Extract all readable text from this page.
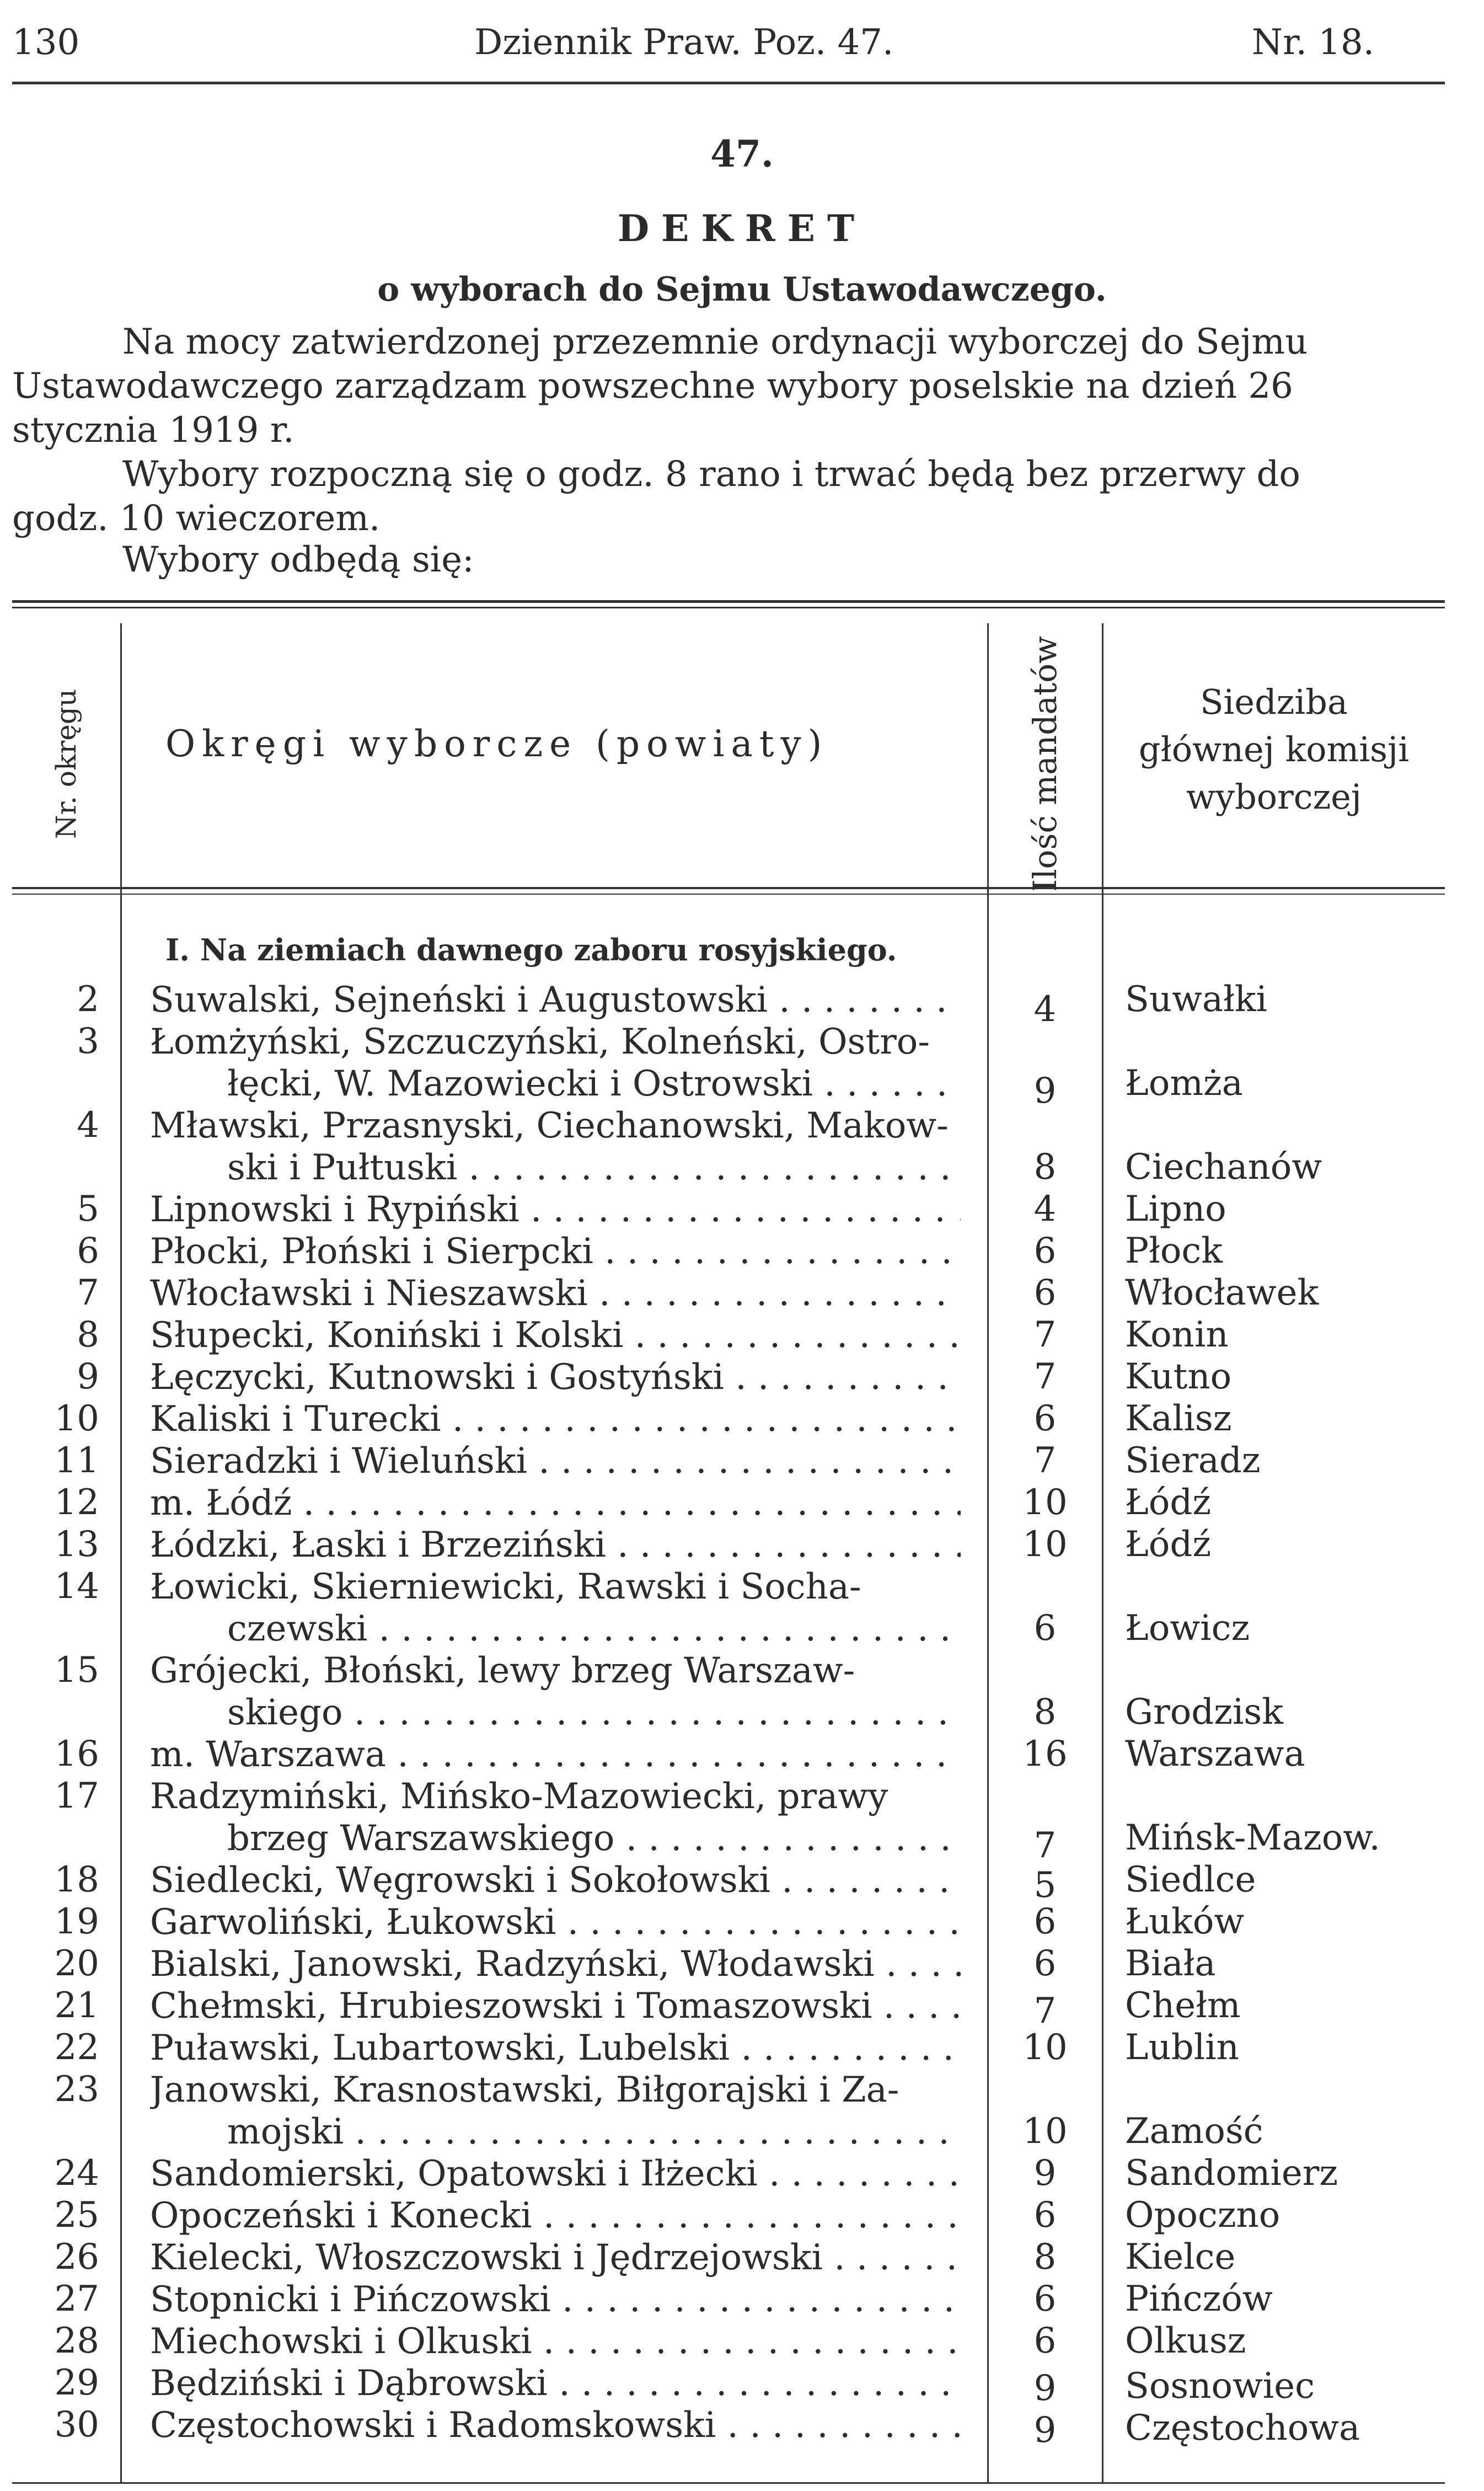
130	Dziennik Praw. Poz. 47.	Nr. 18.
47.
DEKRET
o wyborach do Sejmu Ustawodawczego.
Na mocy zatwierdzonej przezemnie ordynacji wyborczej do Sejmu
Ustawodawczego zarządzam powszechne wybory poselskie na dzień 26
stycznia 1919 r.
Wybory rozpoczną się o godz. 8 rano i trwać będą bez przerwy do
godz. 10 wieczorem.
Wybory odbędą się:
Nr. okręgu Okręgi wyborcze (powiaty)	Ilość mandatów	Siedziba
głównej komisji
wyborczej
I. Na ziemiach dawnego zaboru rosyjskiego.
2 Suwalski, Sejneński i Augustowski . . .	4	Suwałki
3 Łomżyński, Szczuczyński, Kolneński, Ostro-
łęcki, W. Mazowiecki i Ostrowski . . .	9	Łomża
4 Mławski, Przasnyski, Ciechanowski, Makow-
ski i Pułtuski . . .	8	Ciechanów
5 Lipnowski i Rypiński . . .	4	Lipno
6 Płocki, Płoński i Sierpcki . . .	6	Płock
7 Włocławski i Nieszawski . . .	6	Włocławek
8 Słupecki, Koniński i Kolski . . .	7	Konin
9 Łęczycki, Kutnowski i Gostyński . . .	7	Kutno
10 Kaliski i Turecki . . .	6	Kalisz
11 Sieradzki i Wieluński . . .	7	Sieradz
12 m. Łódź . . .	10	Łódź
13 Łódzki, Łaski i Brzeziński . . .	10	Łódź
14 Łowicki, Skierniewicki, Rawski i Socha-
czewski . . .	6	Łowicz
15 Grójecki, Błoński, lewy brzeg Warszaw-
skiego . . .	8	Grodzisk
16 m. Warszawa . . .	16	Warszawa
17 Radzymiński, Mińsko-Mazowiecki, prawy
brzeg Warszawskiego . . .	7	Mińsk-Mazow.
18 Siedlecki, Węgrowski i Sokołowski . . .	5	Siedlce
19 Garwoliński, Łukowski . . .	6	Łuków
20 Bialski, Janowski, Radzyński, Włodawski . . .	6	Biała
21 Chełmski, Hrubieszowski i Tomaszowski . . .	7	Chełm
22 Puławski, Lubartowski, Lubelski . . .	10	Lublin
23 Janowski, Krasnostawski, Biłgorajski i Za-
mojski . . .	10	Zamość
24 Sandomierski, Opatowski i Iłżecki . . .	9	Sandomierz
25 Opoczeński i Konecki . . .	6	Opoczno
26 Kielecki, Włoszczowski i Jędrzejowski . . .	8	Kielce
27 Stopnicki i Pińczowski . . .	6	Pińczów
28 Miechowski i Olkuski . . .	6	Olkusz
29 Będziński i Dąbrowski . . .	9	Sosnowiec
30 Częstochowski i Radomskowski . . .	9	Częstochowa
